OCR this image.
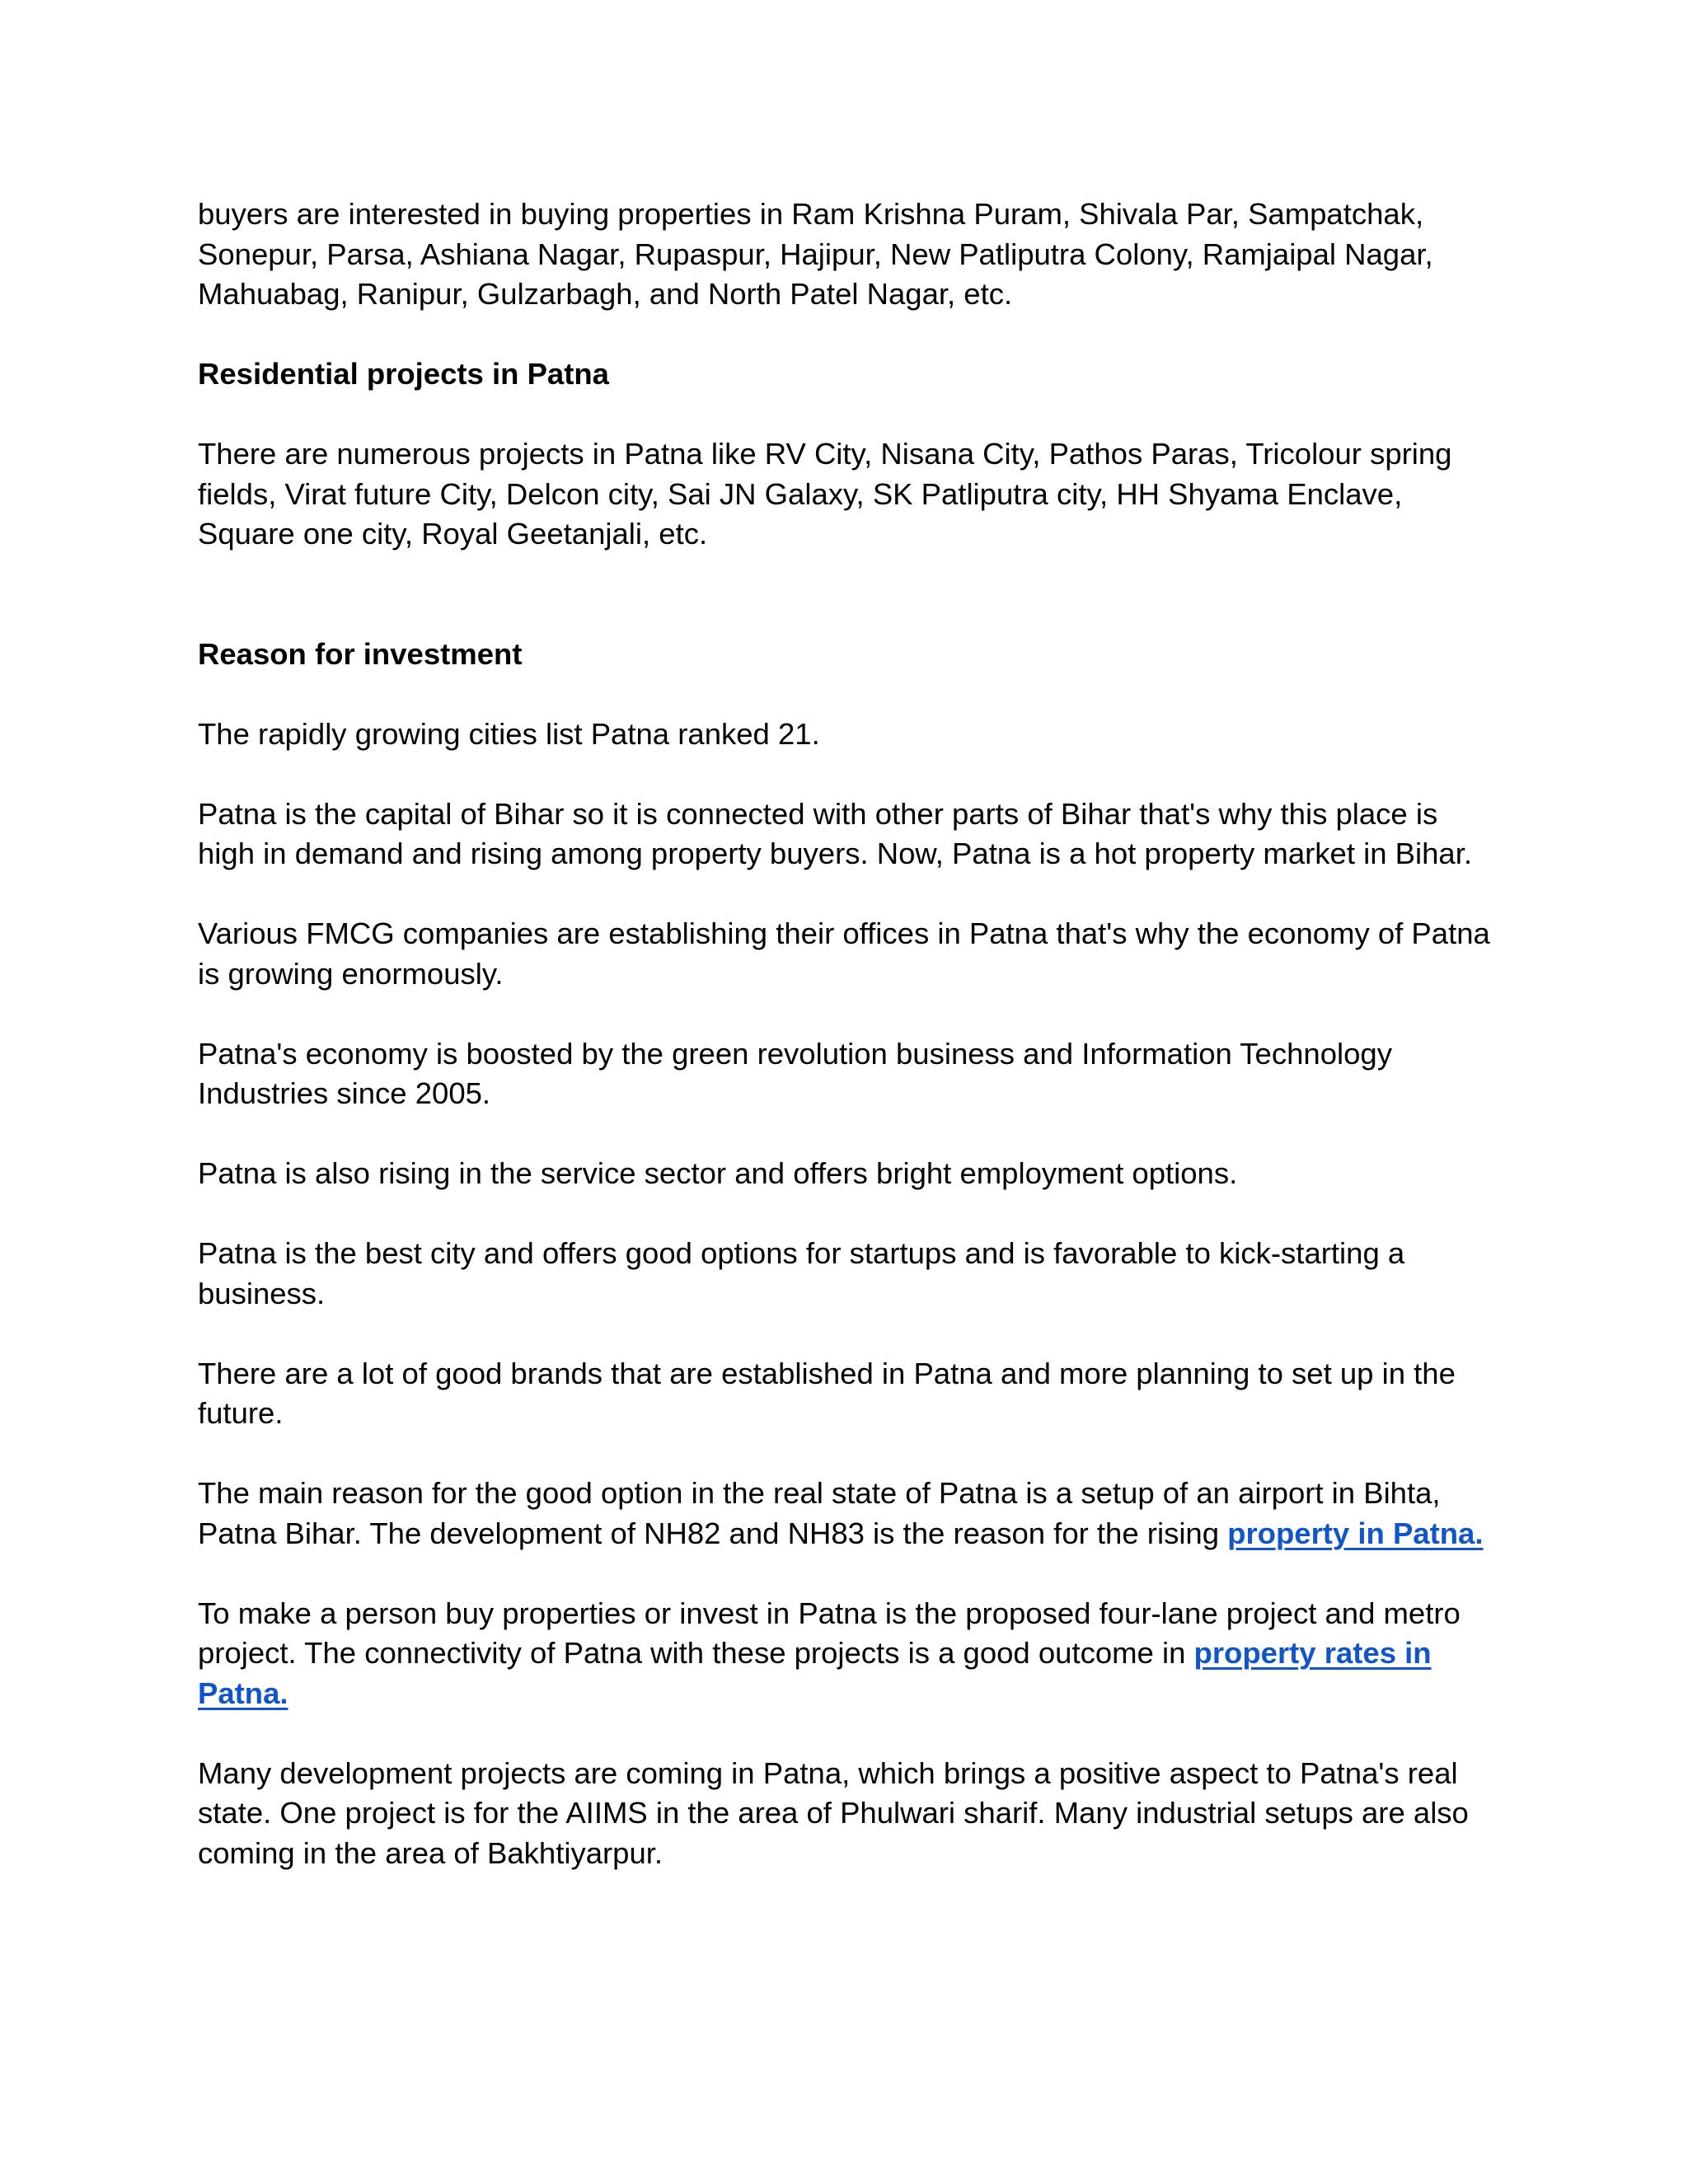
buyers are interested in buying properties in Ram Krishna Puram, Shivala Par, Sampatchak, Sonepur, Parsa, Ashiana Nagar, Rupaspur, Hajipur, New Patliputra Colony, Ramjaipal Nagar, Mahuabag, Ranipur, Gulzarbagh, and North Patel Nagar, etc.

Residential projects in Patna

There are numerous projects in Patna like RV City, Nisana City, Pathos Paras, Tricolour spring fields, Virat future City, Delcon city, Sai JN Galaxy, SK Patliputra city, HH Shyama Enclave, Square one city, Royal Geetanjali, etc.

Reason for investment

The rapidly growing cities list Patna ranked 21.

Patna is the capital of Bihar so it is connected with other parts of Bihar that's why this place is high in demand and rising among property buyers. Now, Patna is a hot property market in Bihar.

Various FMCG companies are establishing their offices in Patna that's why the economy of Patna is growing enormously.

Patna's economy is boosted by the green revolution business and Information Technology Industries since 2005.

Patna is also rising in the service sector and offers bright employment options.

Patna is the best city and offers good options for startups and is favorable to kick-starting a business.

There are a lot of good brands that are established in Patna and more planning to set up in the future.

The main reason for the good option in the real state of Patna is a setup of an airport in Bihta, Patna Bihar. The development of NH82 and NH83 is the reason for the rising property in Patna.

To make a person buy properties or invest in Patna is the proposed four-lane project and metro project. The connectivity of Patna with these projects is a good outcome in property rates in Patna.

Many development projects are coming in Patna, which brings a positive aspect to Patna's real state. One project is for the AIIMS in the area of Phulwari sharif. Many industrial setups are also coming in the area of Bakhtiyarpur.
